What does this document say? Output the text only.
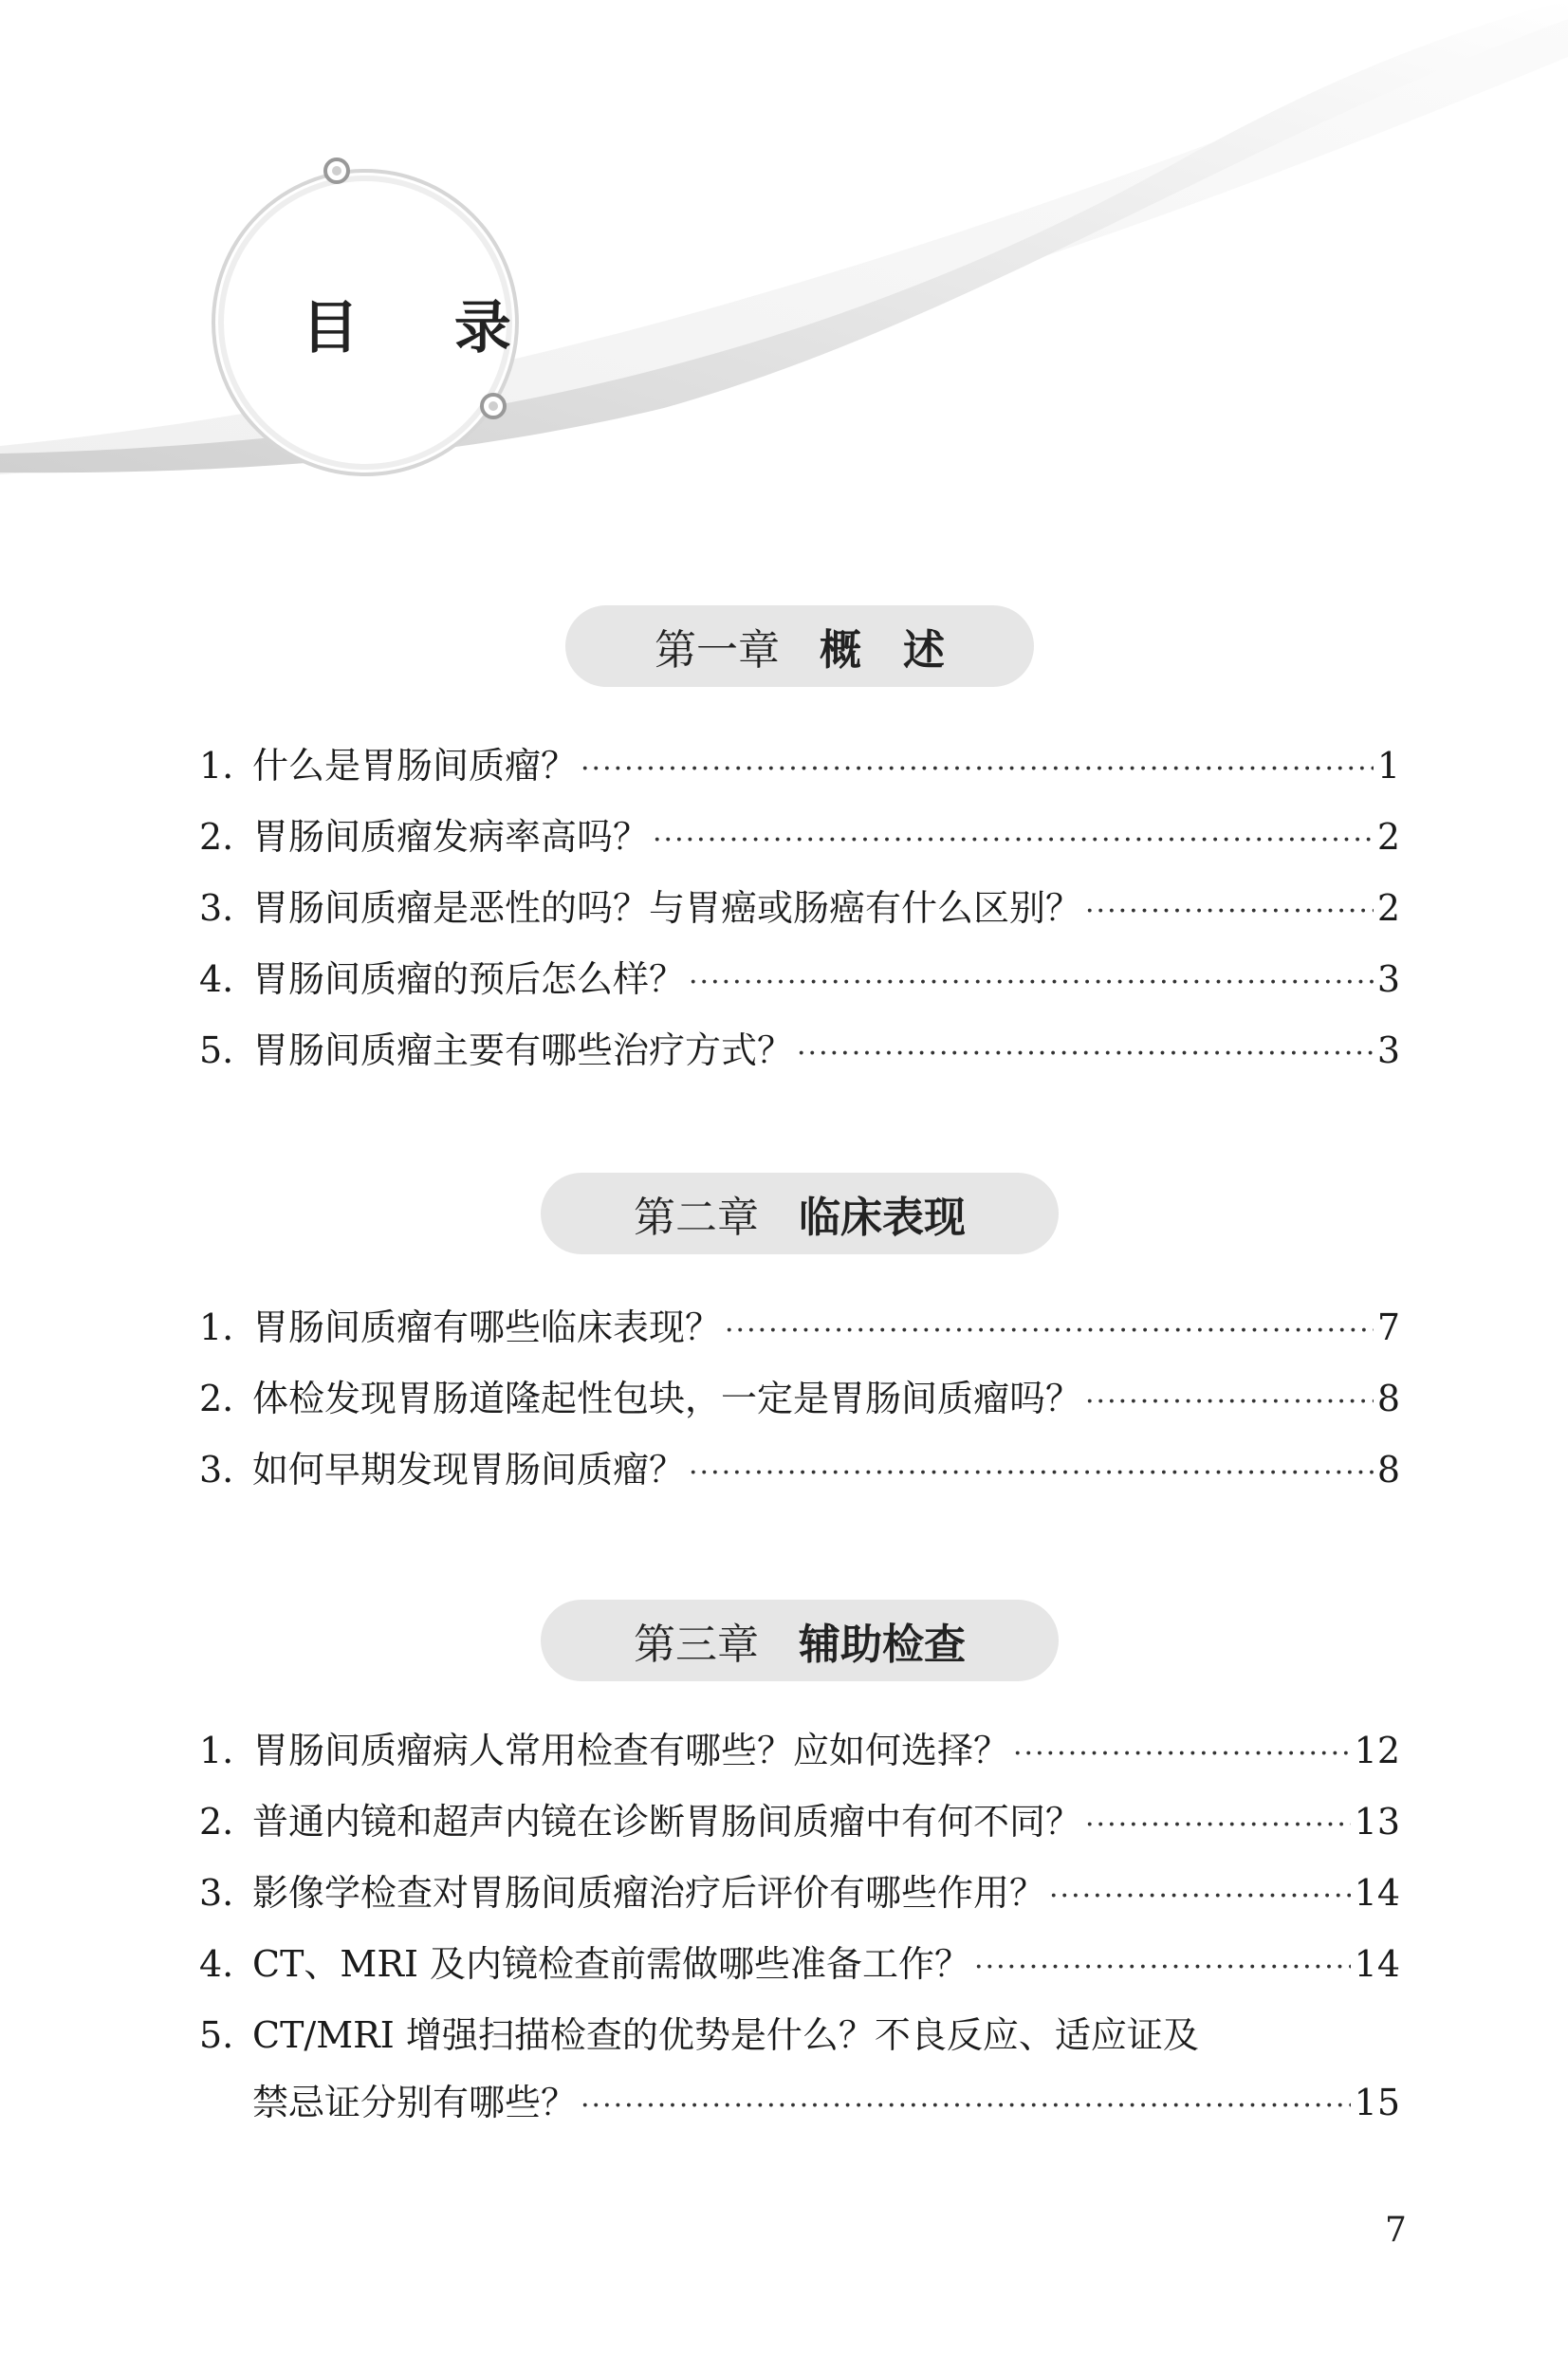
目 录
第一章 概　述
1. 什么是胃肠间质瘤？ ·····	1
2. 胃肠间质瘤发病率高吗？ ·····	2
3. 胃肠间质瘤是恶性的吗？与胃癌或肠癌有什么区别？ ·····	2
4. 胃肠间质瘤的预后怎么样？ ·····	3
5. 胃肠间质瘤主要有哪些治疗方式？ ·····	3
第二章 临床表现
1. 胃肠间质瘤有哪些临床表现？ ·····	7
2. 体检发现胃肠道隆起性包块，一定是胃肠间质瘤吗？ ·····	8
3. 如何早期发现胃肠间质瘤？ ·····	8
第三章 辅助检查
1. 胃肠间质瘤病人常用检查有哪些？应如何选择？ ·····	12
2. 普通内镜和超声内镜在诊断胃肠间质瘤中有何不同？ ·····	13
3. 影像学检查对胃肠间质瘤治疗后评价有哪些作用？ ·····	14
4. CT、MRI 及内镜检查前需做哪些准备工作？ ·····	14
5. CT/MRI 增强扫描检查的优势是什么？不良反应、适应证及
禁忌证分别有哪些？ ·····	15
7
